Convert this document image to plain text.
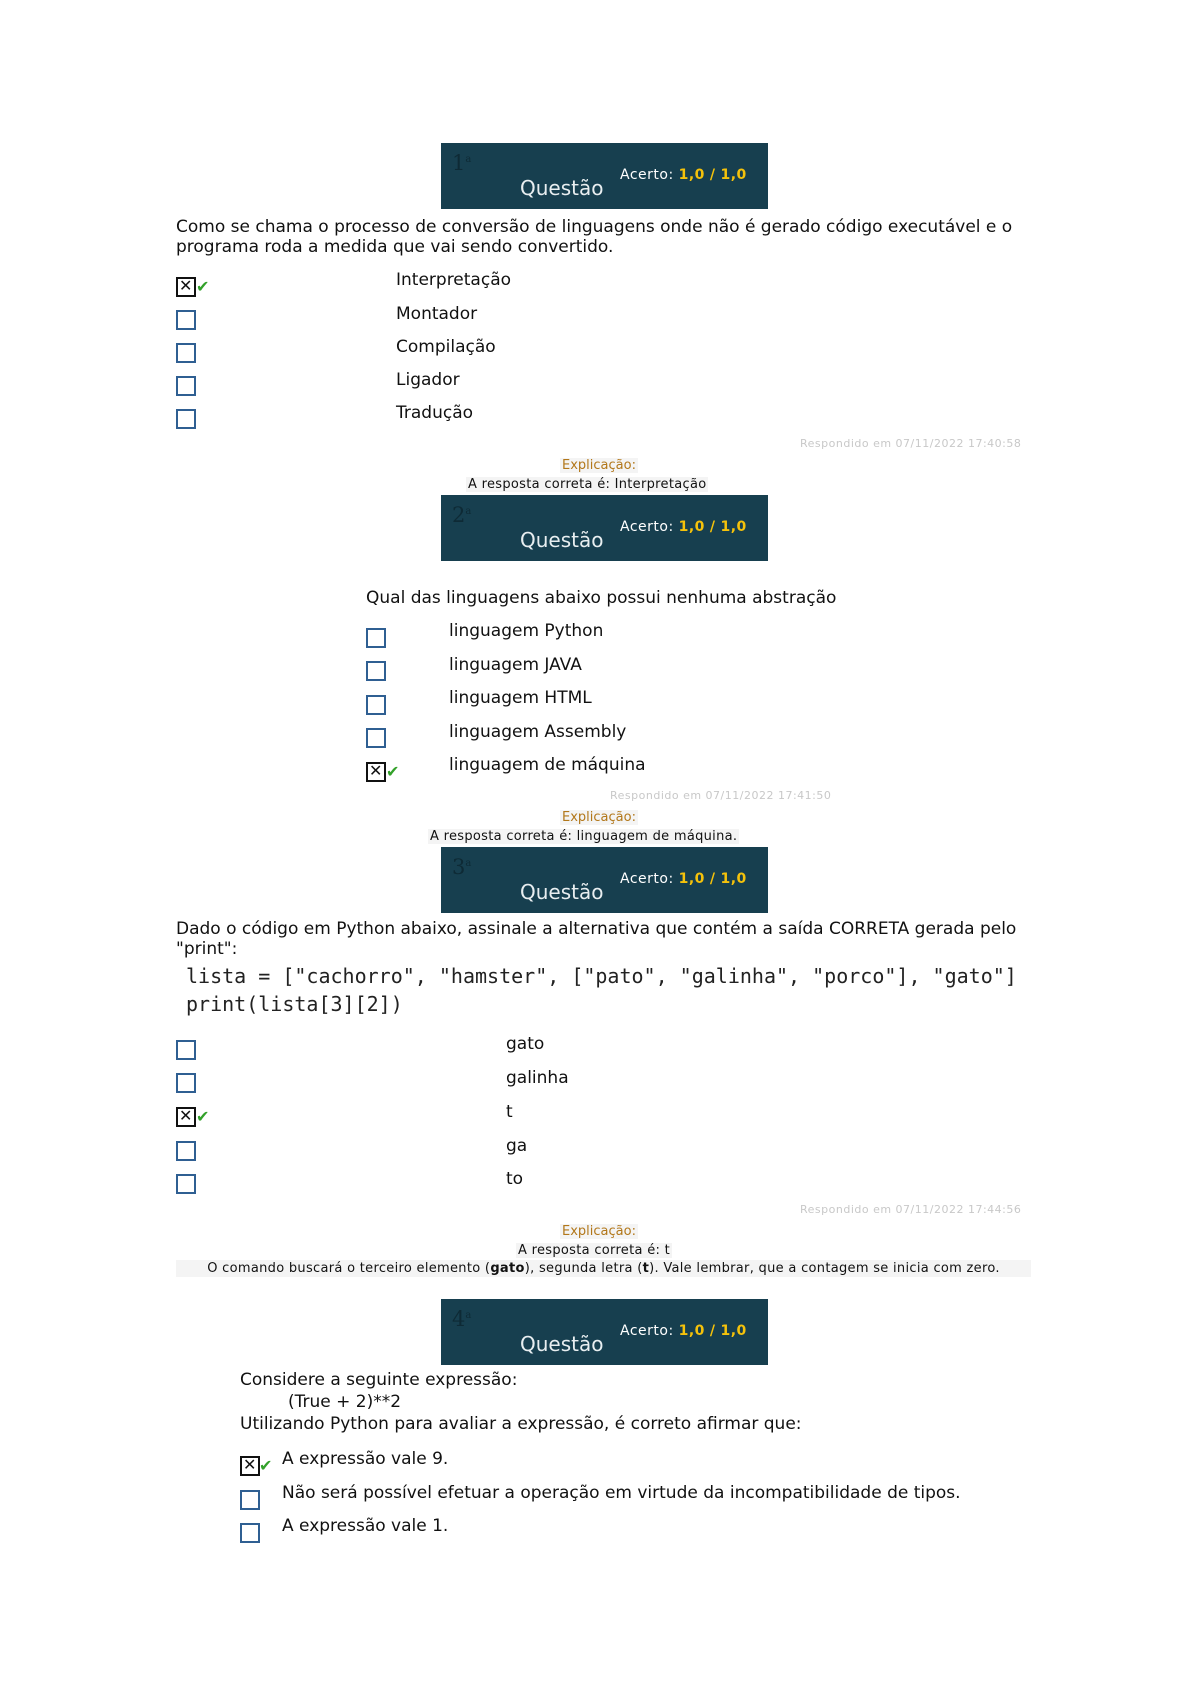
1$^a$
Questão
Acerto: 1,0 / 1,0
Como se chama o processo de conversão de linguagens onde não é gerado código executável e o programa roda a medida que vai sendo convertido.
✕
✔	Interpretação
Montador
Compilação
Ligador
Tradução
Respondido em 07/11/2022 17:40:58
Explicação:
A resposta correta é: Interpretação
2$^a$
Questão
Acerto: 1,0 / 1,0
Qual das linguagens abaixo possui nenhuma abstração
linguagem Python
linguagem JAVA
linguagem HTML
linguagem Assembly
✕
✔	linguagem de máquina
Respondido em 07/11/2022 17:41:50
Explicação:
A resposta correta é: linguagem de máquina.
3$^a$
Questão
Acerto: 1,0 / 1,0
Dado o código em Python abaixo, assinale a alternativa que contém a saída CORRETA gerada pelo "print":
lista = ["cachorro", "hamster", ["pato", "galinha", "porco"], "gato"]
print(lista[3][2])
gato
galinha
✕
✔	t
ga
to
Respondido em 07/11/2022 17:44:56
Explicação:
A resposta correta é: t
O comando buscará o terceiro elemento (gato), segunda letra (t). Vale lembrar, que a contagem se inicia com zero.
4$^a$
Questão
Acerto: 1,0 / 1,0
Considere a seguinte expressão:
(True + 2)**2
Utilizando Python para avaliar a expressão, é correto afirmar que:
✕
✔ A expressão vale 9.
Não será possível efetuar a operação em virtude da incompatibilidade de tipos.
A expressão vale 1.
